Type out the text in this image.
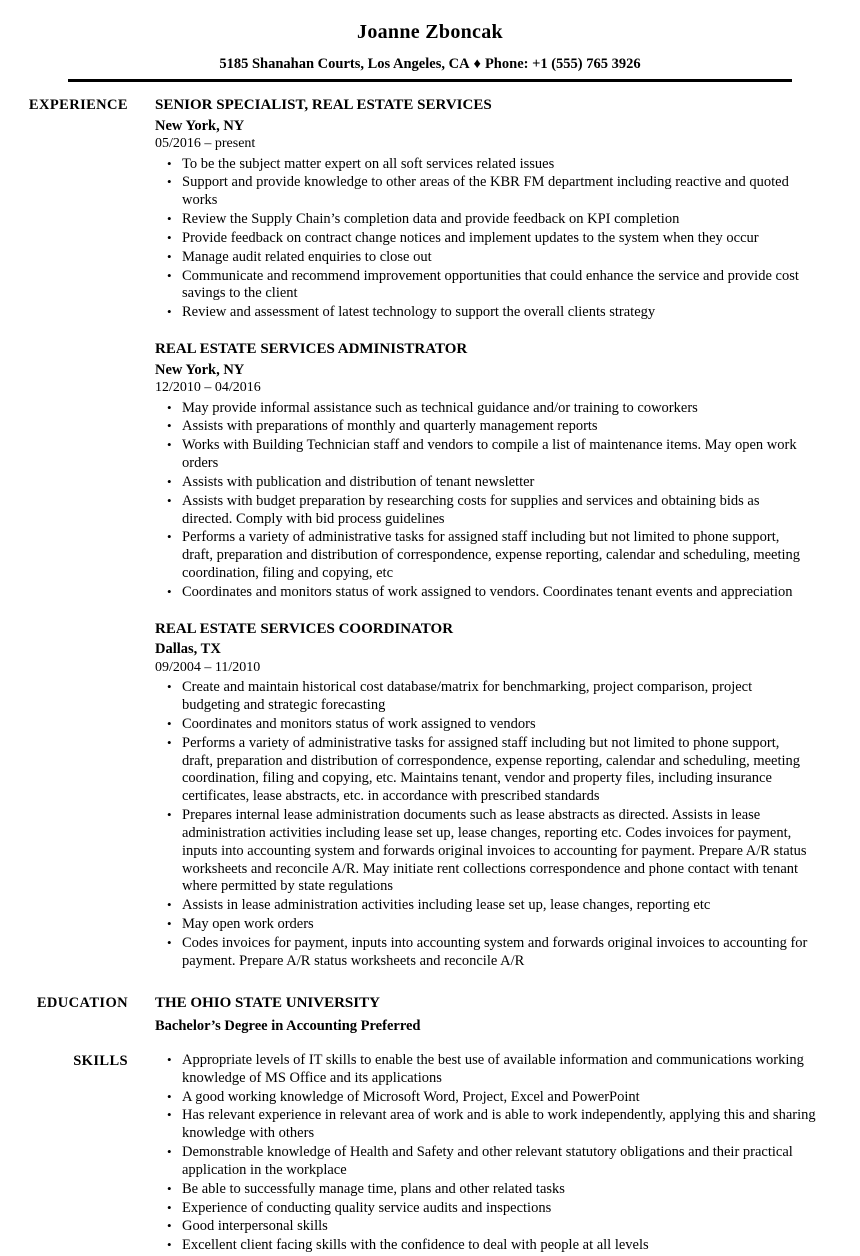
Joanne Zboncak
5185 Shanahan Courts, Los Angeles, CA ♦ Phone: +1 (555) 765 3926
EXPERIENCE SENIOR SPECIALIST, REAL ESTATE SERVICES
New York, NY
05/2016 – present
• To be the subject matter expert on all soft services related issues
• Support and provide knowledge to other areas of the KBR FM department including reactive and quoted works
• Review the Supply Chain’s completion data and provide feedback on KPI completion
• Provide feedback on contract change notices and implement updates to the system when they occur
• Manage audit related enquiries to close out
• Communicate and recommend improvement opportunities that could enhance the service and provide cost savings to the client
• Review and assessment of latest technology to support the overall clients strategy
REAL ESTATE SERVICES ADMINISTRATOR
New York, NY
12/2010 – 04/2016
• May provide informal assistance such as technical guidance and/or training to coworkers
• Assists with preparations of monthly and quarterly management reports
• Works with Building Technician staff and vendors to compile a list of maintenance items. May open work orders
• Assists with publication and distribution of tenant newsletter
• Assists with budget preparation by researching costs for supplies and services and obtaining bids as directed. Comply with bid process guidelines
• Performs a variety of administrative tasks for assigned staff including but not limited to phone support, draft, preparation and distribution of correspondence, expense reporting, calendar and scheduling, meeting coordination, filing and copying, etc
• Coordinates and monitors status of work assigned to vendors. Coordinates tenant events and appreciation
REAL ESTATE SERVICES COORDINATOR
Dallas, TX
09/2004 – 11/2010
• Create and maintain historical cost database/matrix for benchmarking, project comparison, project budgeting and strategic forecasting
• Coordinates and monitors status of work assigned to vendors
• Performs a variety of administrative tasks for assigned staff including but not limited to phone support, draft, preparation and distribution of correspondence, expense reporting, calendar and scheduling, meeting coordination, filing and copying, etc. Maintains tenant, vendor and property files, including insurance certificates, lease abstracts, etc. in accordance with prescribed standards
• Prepares internal lease administration documents such as lease abstracts as directed. Assists in lease administration activities including lease set up, lease changes, reporting etc. Codes invoices for payment, inputs into accounting system and forwards original invoices to accounting for payment. Prepare A/R status worksheets and reconcile A/R. May initiate rent collections correspondence and phone contact with tenant where permitted by state regulations
• Assists in lease administration activities including lease set up, lease changes, reporting etc
• May open work orders
• Codes invoices for payment, inputs into accounting system and forwards original invoices to accounting for payment. Prepare A/R status worksheets and reconcile A/R
EDUCATION THE OHIO STATE UNIVERSITY
Bachelor’s Degree in Accounting Preferred
SKILLS	• Appropriate levels of IT skills to enable the best use of available information and communications working knowledge of MS Office and its applications
• A good working knowledge of Microsoft Word, Project, Excel and PowerPoint
• Has relevant experience in relevant area of work and is able to work independently, applying this and sharing knowledge with others
• Demonstrable knowledge of Health and Safety and other relevant statutory obligations and their practical application in the workplace
• Be able to successfully manage time, plans and other related tasks
• Experience of conducting quality service audits and inspections
• Good interpersonal skills
• Excellent client facing skills with the confidence to deal with people at all levels
